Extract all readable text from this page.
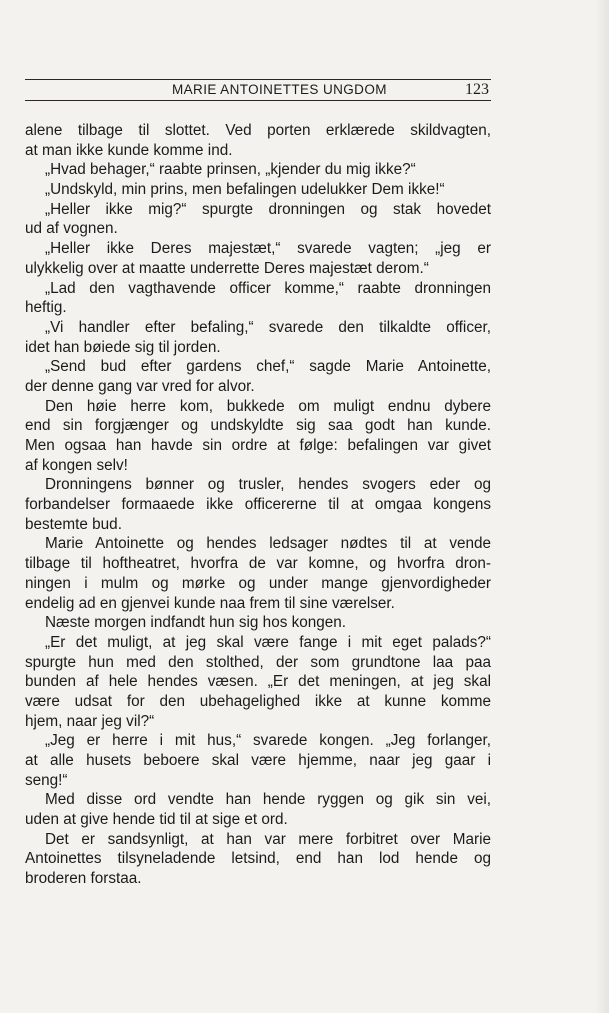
MARIE ANTOINETTES UNGDOM	123
alene tilbage til slottet. Ved porten erklærede skildvagten,
at man ikke kunde komme ind.
„Hvad behager,“ raabte prinsen, „kjender du mig ikke?“
„Undskyld, min prins, men befalingen udelukker Dem ikke!“
„Heller ikke mig?“ spurgte dronningen og stak hovedet
ud af vognen.
„Heller ikke Deres majestæt,“ svarede vagten; „jeg er
ulykkelig over at maatte underrette Deres majestæt derom.“
„Lad den vagthavende officer komme,“ raabte dronningen
heftig.
„Vi handler efter befaling,“ svarede den tilkaldte officer,
idet han bøiede sig til jorden.
„Send bud efter gardens chef,“ sagde Marie Antoinette,
der denne gang var vred for alvor.
Den høie herre kom, bukkede om muligt endnu dybere
end sin forgjænger og undskyldte sig saa godt han kunde.
Men ogsaa han havde sin ordre at følge: befalingen var givet
af kongen selv!
Dronningens bønner og trusler, hendes svogers eder og
forbandelser formaaede ikke officererne til at omgaa kongens
bestemte bud.
Marie Antoinette og hendes ledsager nødtes til at vende
tilbage til hoftheatret, hvorfra de var komne, og hvorfra dron-
ningen i mulm og mørke og under mange gjenvordigheder
endelig ad en gjenvei kunde naa frem til sine værelser.
Næste morgen indfandt hun sig hos kongen.
„Er det muligt, at jeg skal være fange i mit eget palads?“
spurgte hun med den stolthed, der som grundtone laa paa
bunden af hele hendes væsen. „Er det meningen, at jeg skal
være udsat for den ubehagelighed ikke at kunne komme
hjem, naar jeg vil?“
„Jeg er herre i mit hus,“ svarede kongen. „Jeg forlanger,
at alle husets beboere skal være hjemme, naar jeg gaar i
seng!“
Med disse ord vendte han hende ryggen og gik sin vei,
uden at give hende tid til at sige et ord.
Det er sandsynligt, at han var mere forbitret over Marie
Antoinettes tilsyneladende letsind, end han lod hende og
broderen forstaa.
